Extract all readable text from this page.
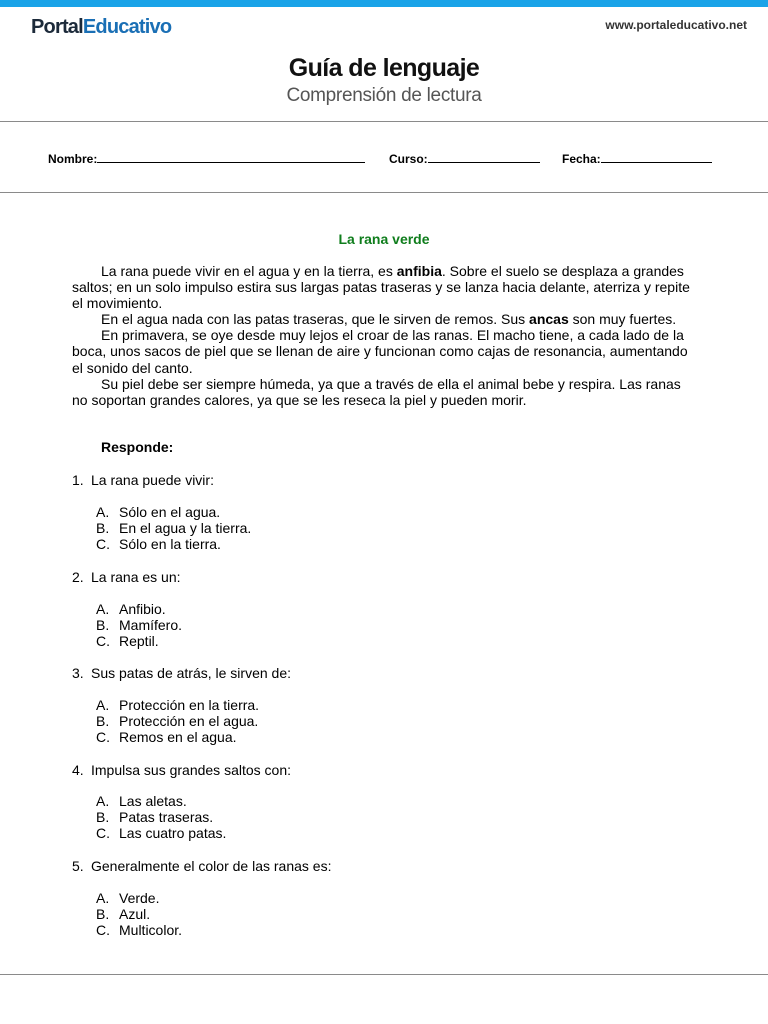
PortalEducativo	www.portaleducativo.net
Guía de lenguaje
Comprensión de lectura
Nombre:	Curso:	Fecha:
La rana verde

La rana puede vivir en el agua y en la tierra, es anfibia. Sobre el suelo se desplaza a grandes saltos; en un solo impulso estira sus largas patas traseras y se lanza hacia delante, aterriza y repite el movimiento.

En el agua nada con las patas traseras, que le sirven de remos. Sus ancas son muy fuertes.

En primavera, se oye desde muy lejos el croar de las ranas. El macho tiene, a cada lado de la boca, unos sacos de piel que se llenan de aire y funcionan como cajas de resonancia, aumentando el sonido del canto.

Su piel debe ser siempre húmeda, ya que a través de ella el animal bebe y respira. Las ranas no soportan grandes calores, ya que se les reseca la piel y pueden morir.

Responde:
1. La rana puede vivir:
A. Sólo en el agua.
B. En el agua y la tierra.
C. Sólo en la tierra.
2. La rana es un:
A. Anfibio.
B. Mamífero.
C. Reptil.
3. Sus patas de atrás, le sirven de:
A. Protección en la tierra.
B. Protección en el agua.
C. Remos en el agua.
4. Impulsa sus grandes saltos con:
A. Las aletas.
B. Patas traseras.
C. Las cuatro patas.
5. Generalmente el color de las ranas es:
A. Verde.
B. Azul.
C. Multicolor.
